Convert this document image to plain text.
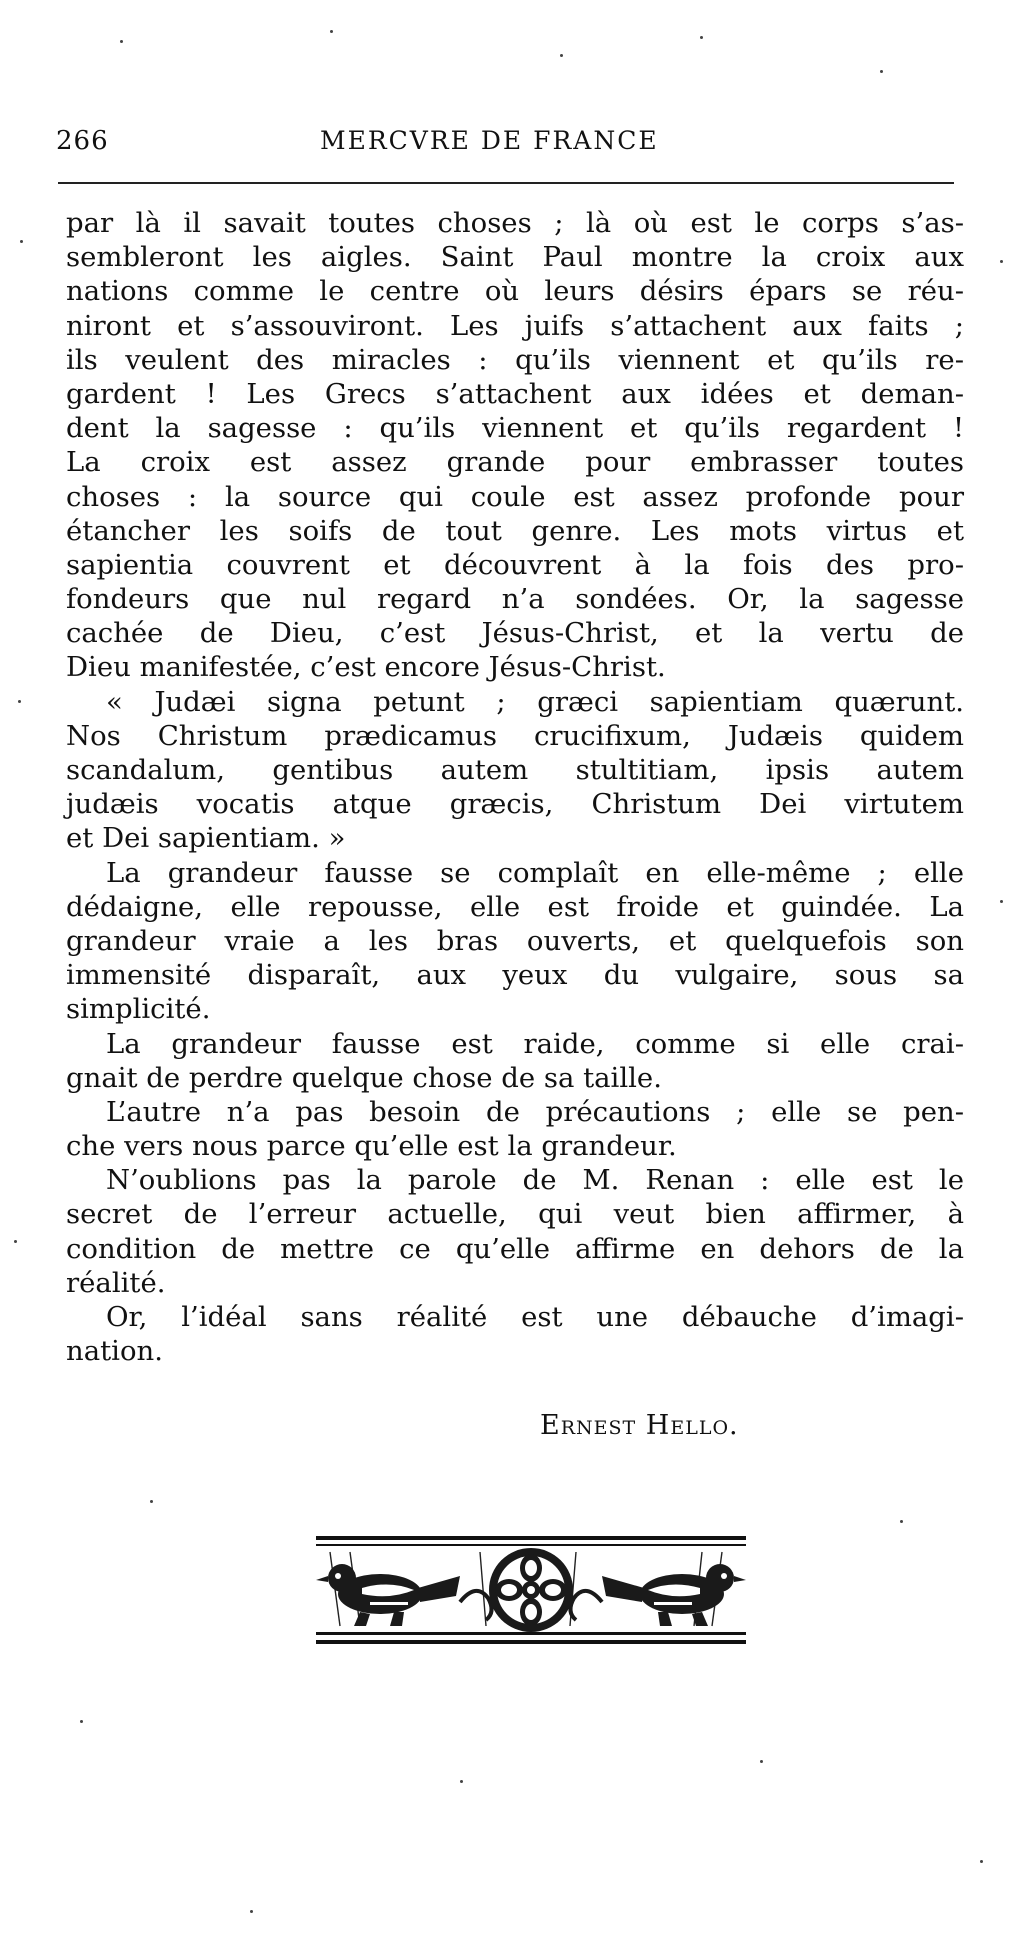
266	MERCVRE DE FRANCE
par là il savait toutes choses ; là où est le corps s’as-
sembleront les aigles. Saint Paul montre la croix aux
nations comme le centre où leurs désirs épars se réu-
niront et s’assouviront. Les juifs s’attachent aux faits ;
ils veulent des miracles : qu’ils viennent et qu’ils re-
gardent ! Les Grecs s’attachent aux idées et deman-
dent la sagesse : qu’ils viennent et qu’ils regardent !
La croix est assez grande pour embrasser toutes
choses : la source qui coule est assez profonde pour
étancher les soifs de tout genre. Les mots virtus et
sapientia couvrent et découvrent à la fois des pro-
fondeurs que nul regard n’a sondées. Or, la sagesse
cachée de Dieu, c’est Jésus-Christ, et la vertu de
Dieu manifestée, c’est encore Jésus-Christ.
« Judæi signa petunt ; græci sapientiam quærunt.
Nos Christum prædicamus crucifixum, Judæis quidem
scandalum, gentibus autem stultitiam, ipsis autem
judæis vocatis atque græcis, Christum Dei virtutem
et Dei sapientiam. »
La grandeur fausse se complaît en elle-même ; elle
dédaigne, elle repousse, elle est froide et guindée. La
grandeur vraie a les bras ouverts, et quelquefois son
immensité disparaît, aux yeux du vulgaire, sous sa
simplicité.
La grandeur fausse est raide, comme si elle crai-
gnait de perdre quelque chose de sa taille.
L’autre n’a pas besoin de précautions ; elle se pen-
che vers nous parce qu’elle est la grandeur.
N’oublions pas la parole de M. Renan : elle est le
secret de l’erreur actuelle, qui veut bien affirmer, à
condition de mettre ce qu’elle affirme en dehors de la
réalité.
Or, l’idéal sans réalité est une débauche d’imagi-
nation.
Ernest Hello.
